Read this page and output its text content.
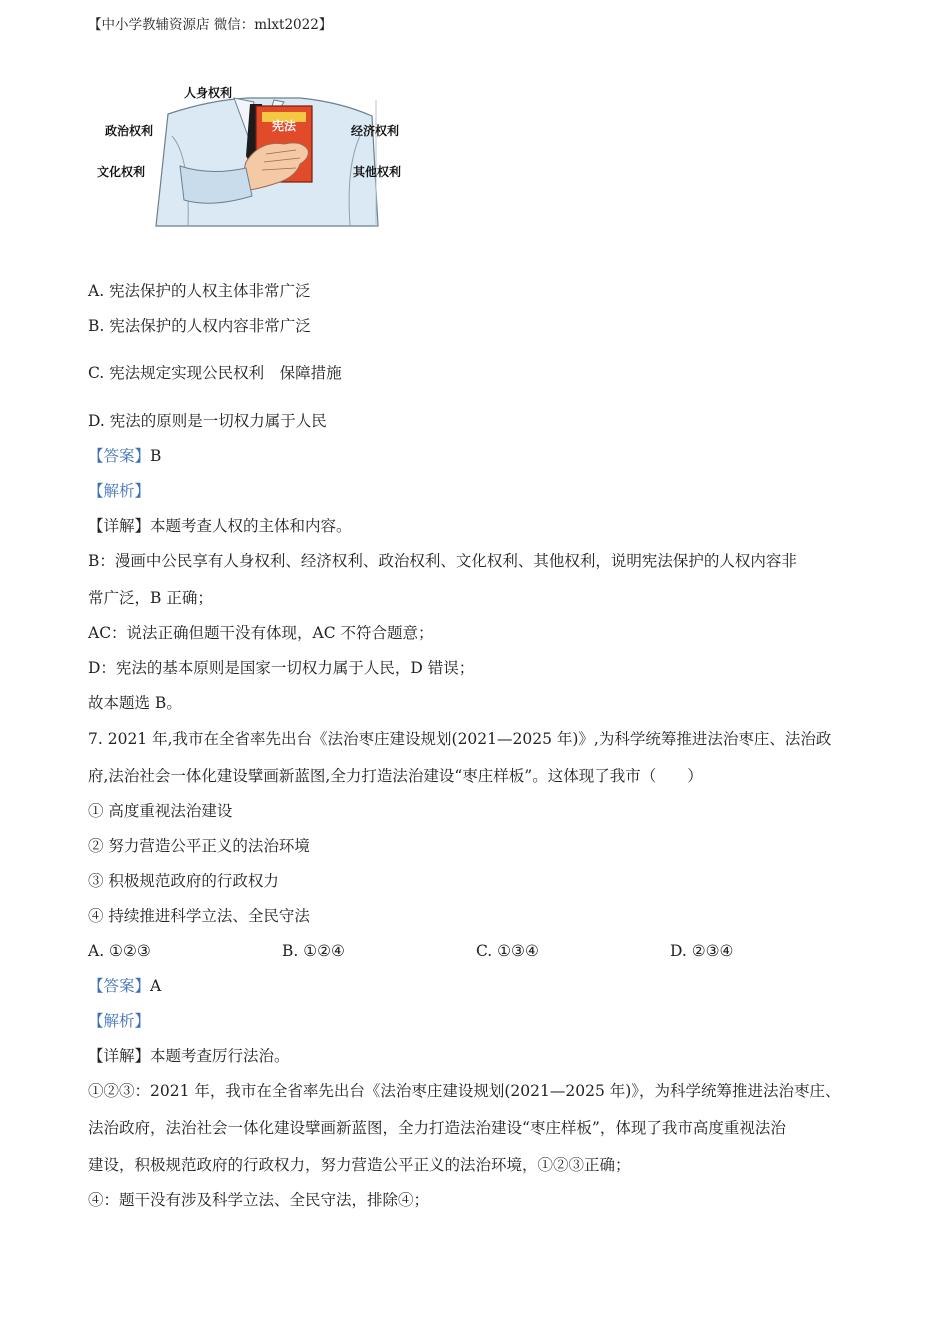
【中小学教辅资源店 微信：mlxt2022】
宪法
人身权利
政治权利
文化权利
经济权利
其他权利
A. 宪法保护的人权主体非常广泛
B. 宪法保护的人权内容非常广泛
C. 宪法规定实现公民权利　保障措施
D. 宪法的原则是一切权力属于人民
【答案】B
【解析】
【详解】本题考查人权的主体和内容。
B：漫画中公民享有人身权利、经济权利、政治权利、文化权利、其他权利，说明宪法保护的人权内容非
常广泛，B 正确；
AC：说法正确但题干没有体现，AC 不符合题意；
D：宪法的基本原则是国家一切权力属于人民，D 错误；
故本题选 B。
7. 2021 年,我市在全省率先出台《法治枣庄建设规划(2021—2025 年)》,为科学统筹推进法治枣庄、法治政
府,法治社会一体化建设擘画新蓝图,全力打造法治建设“枣庄样板”。这体现了我市（　　）
① 高度重视法治建设
② 努力营造公平正义的法治环境
③ 积极规范政府的行政权力
④ 持续推进科学立法、全民守法
A. ①②③	B. ①②④	C. ①③④	D. ②③④
【答案】A
【解析】
【详解】本题考查厉行法治。
①②③：2021 年，我市在全省率先出台《法治枣庄建设规划(2021—2025 年)》，为科学统筹推进法治枣庄、
法治政府，法治社会一体化建设擘画新蓝图，全力打造法治建设“枣庄样板”，体现了我市高度重视法治
建设，积极规范政府的行政权力，努力营造公平正义的法治环境，①②③正确；
④：题干没有涉及科学立法、全民守法，排除④；
